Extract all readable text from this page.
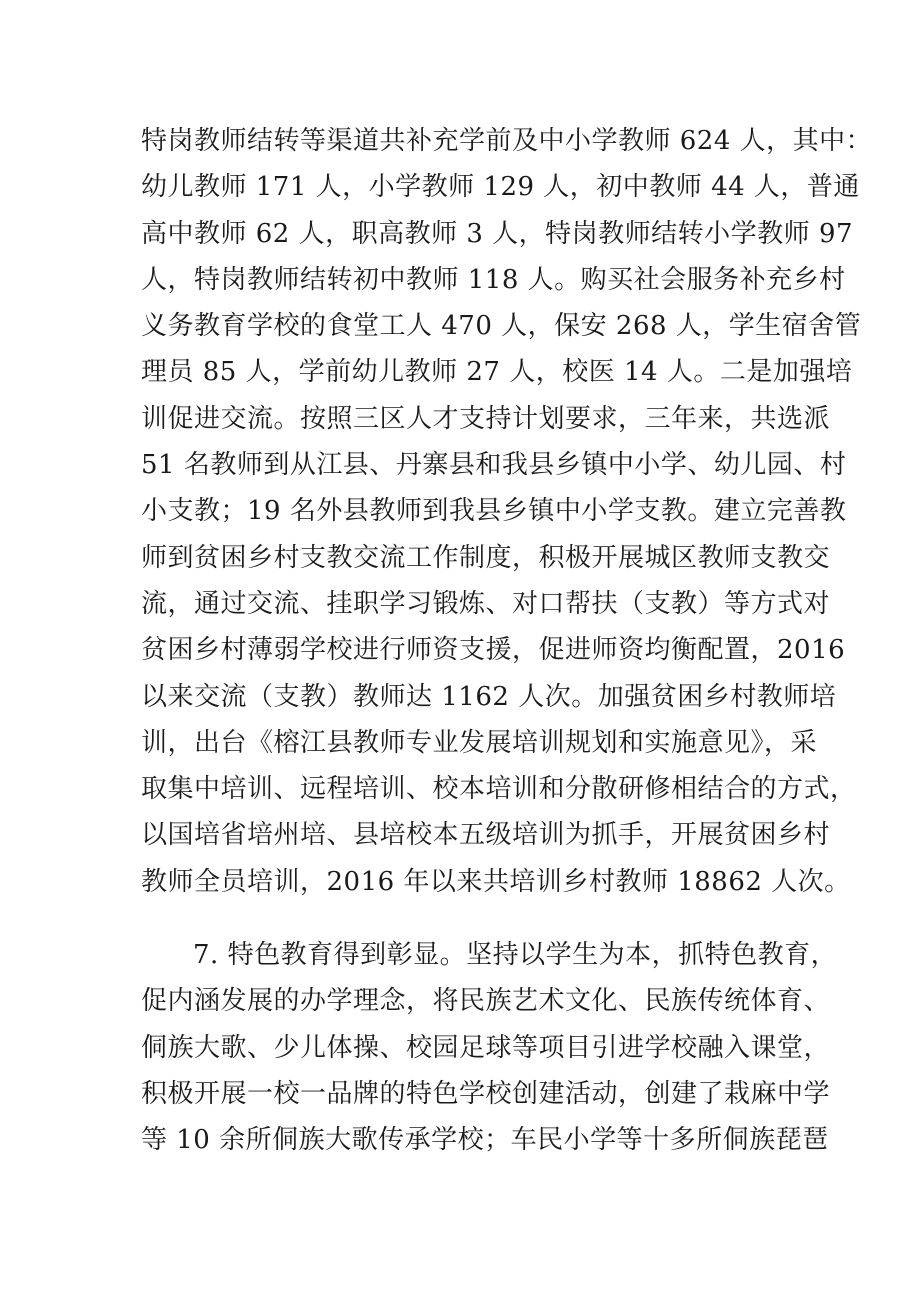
特岗教师结转等渠道共补充学前及中小学教师 624 人，其中：
幼儿教师 171 人，小学教师 129 人，初中教师 44 人，普通
高中教师 62 人，职高教师 3 人，特岗教师结转小学教师 97
人，特岗教师结转初中教师 118 人。购买社会服务补充乡村
义务教育学校的食堂工人 470 人，保安 268 人，学生宿舍管
理员 85 人，学前幼儿教师 27 人，校医 14 人。二是加强培
训促进交流。按照三区人才支持计划要求，三年来，共选派
51 名教师到从江县、丹寨县和我县乡镇中小学、幼儿园、村
小支教；19 名外县教师到我县乡镇中小学支教。建立完善教
师到贫困乡村支教交流工作制度，积极开展城区教师支教交
流，通过交流、挂职学习锻炼、对口帮扶（支教）等方式对
贫困乡村薄弱学校进行师资支援，促进师资均衡配置，2016
以来交流（支教）教师达 1162 人次。加强贫困乡村教师培
训，出台《榕江县教师专业发展培训规划和实施意见》，采
取集中培训、远程培训、校本培训和分散研修相结合的方式，
以国培省培州培、县培校本五级培训为抓手，开展贫困乡村
教师全员培训，2016 年以来共培训乡村教师 18862 人次。
7. 特色教育得到彰显。坚持以学生为本，抓特色教育，
促内涵发展的办学理念，将民族艺术文化、民族传统体育、
侗族大歌、少儿体操、校园足球等项目引进学校融入课堂，
积极开展一校一品牌的特色学校创建活动，创建了栽麻中学
等 10 余所侗族大歌传承学校；车民小学等十多所侗族琵琶
